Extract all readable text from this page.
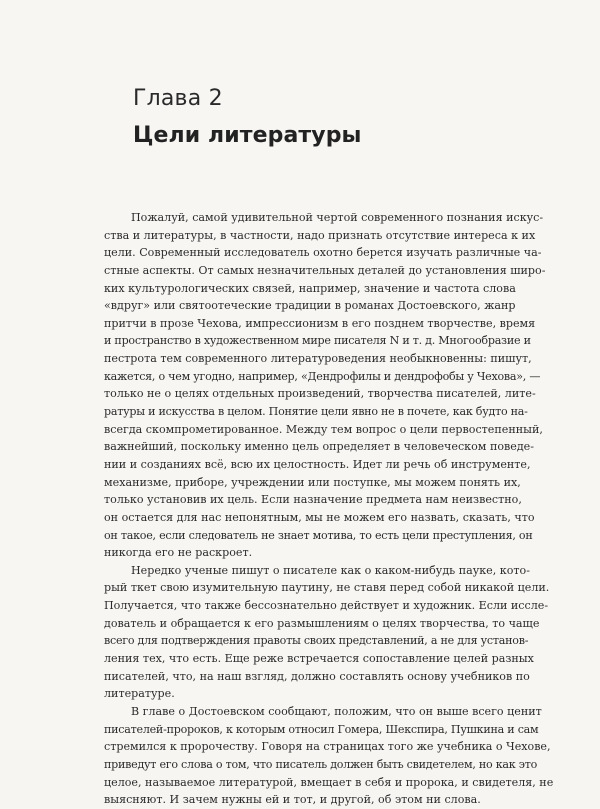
Глава 2
Цели литературы
Пожалуй, самой удивительной чертой современного познания искус-
ства и литературы, в частности, надо признать отсутствие интереса к их
цели. Современный исследователь охотно берется изучать различные ча-
стные аспекты. От самых незначительных деталей до установления широ-
ких культурологических связей, например, значение и частота слова
«вдруг» или святоотеческие традиции в романах Достоевского, жанр
притчи в прозе Чехова, импрессионизм в его позднем творчестве, время
и пространство в художественном мире писателя N и т. д. Многообразие и
пестрота тем современного литературоведения необыкновенны: пишут,
кажется, о чем угодно, например, «Дендрофилы и дендрофобы у Чехова», —
только не о целях отдельных произведений, творчества писателей, лите-
ратуры и искусства в целом. Понятие цели явно не в почете, как будто на-
всегда скомпрометированное. Между тем вопрос о цели первостепенный,
важнейший, поскольку именно цель определяет в человеческом поведе-
нии и созданиях всё, всю их целостность. Идет ли речь об инструменте,
механизме, приборе, учреждении или поступке, мы можем понять их,
только установив их цель. Если назначение предмета нам неизвестно,
он остается для нас непонятным, мы не можем его назвать, сказать, что
он такое, если следователь не знает мотива, то есть цели преступления, он
никогда его не раскроет.
Нередко ученые пишут о писателе как о каком-нибудь пауке, кото-
рый ткет свою изумительную паутину, не ставя перед собой никакой цели.
Получается, что также бессознательно действует и художник. Если иссле-
дователь и обращается к его размышлениям о целях творчества, то чаще
всего для подтверждения правоты своих представлений, а не для установ-
ления тех, что есть. Еще реже встречается сопоставление целей разных
писателей, что, на наш взгляд, должно составлять основу учебников по
литературе.
В главе о Достоевском сообщают, положим, что он выше всего ценит
писателей-пророков, к которым относил Гомера, Шекспира, Пушкина и сам
стремился к пророчеству. Говоря на страницах того же учебника о Чехове,
приведут его слова о том, что писатель должен быть свидетелем, но как это
целое, называемое литературой, вмещает в себя и пророка, и свидетеля, не
выясняют. И зачем нужны ей и тот, и другой, об этом ни слова.
